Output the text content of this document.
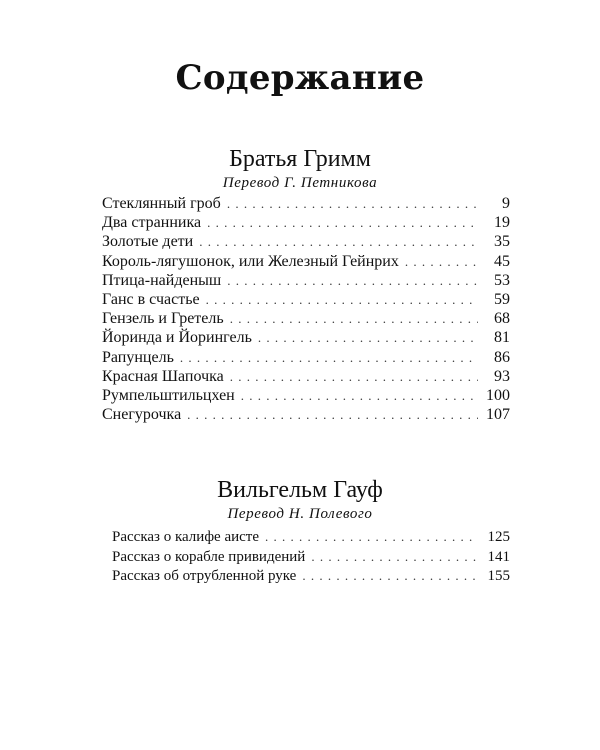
Содержание
Братья Гримм
Перевод Г. Петникова
Стеклянный гроб . . .	9
Два странника . . .	19
Золотые дети . . .	35
Король-лягушонок, или Железный Гейнрих . . .	45
Птица-найденыш . . .	53
Ганс в счастье . . .	59
Гензель и Гретель . . .	68
Йоринда и Йорингель . . .	81
Рапунцель . . .	86
Красная Шапочка . . .	93
Румпельштильцхен . . .	100
Снегурочка . . .	107
Вильгельм Гауф
Перевод Н. Полевого
Рассказ о калифе аисте . . .	125
Рассказ о корабле привидений . . .	141
Рассказ об отрубленной руке . . .	155
